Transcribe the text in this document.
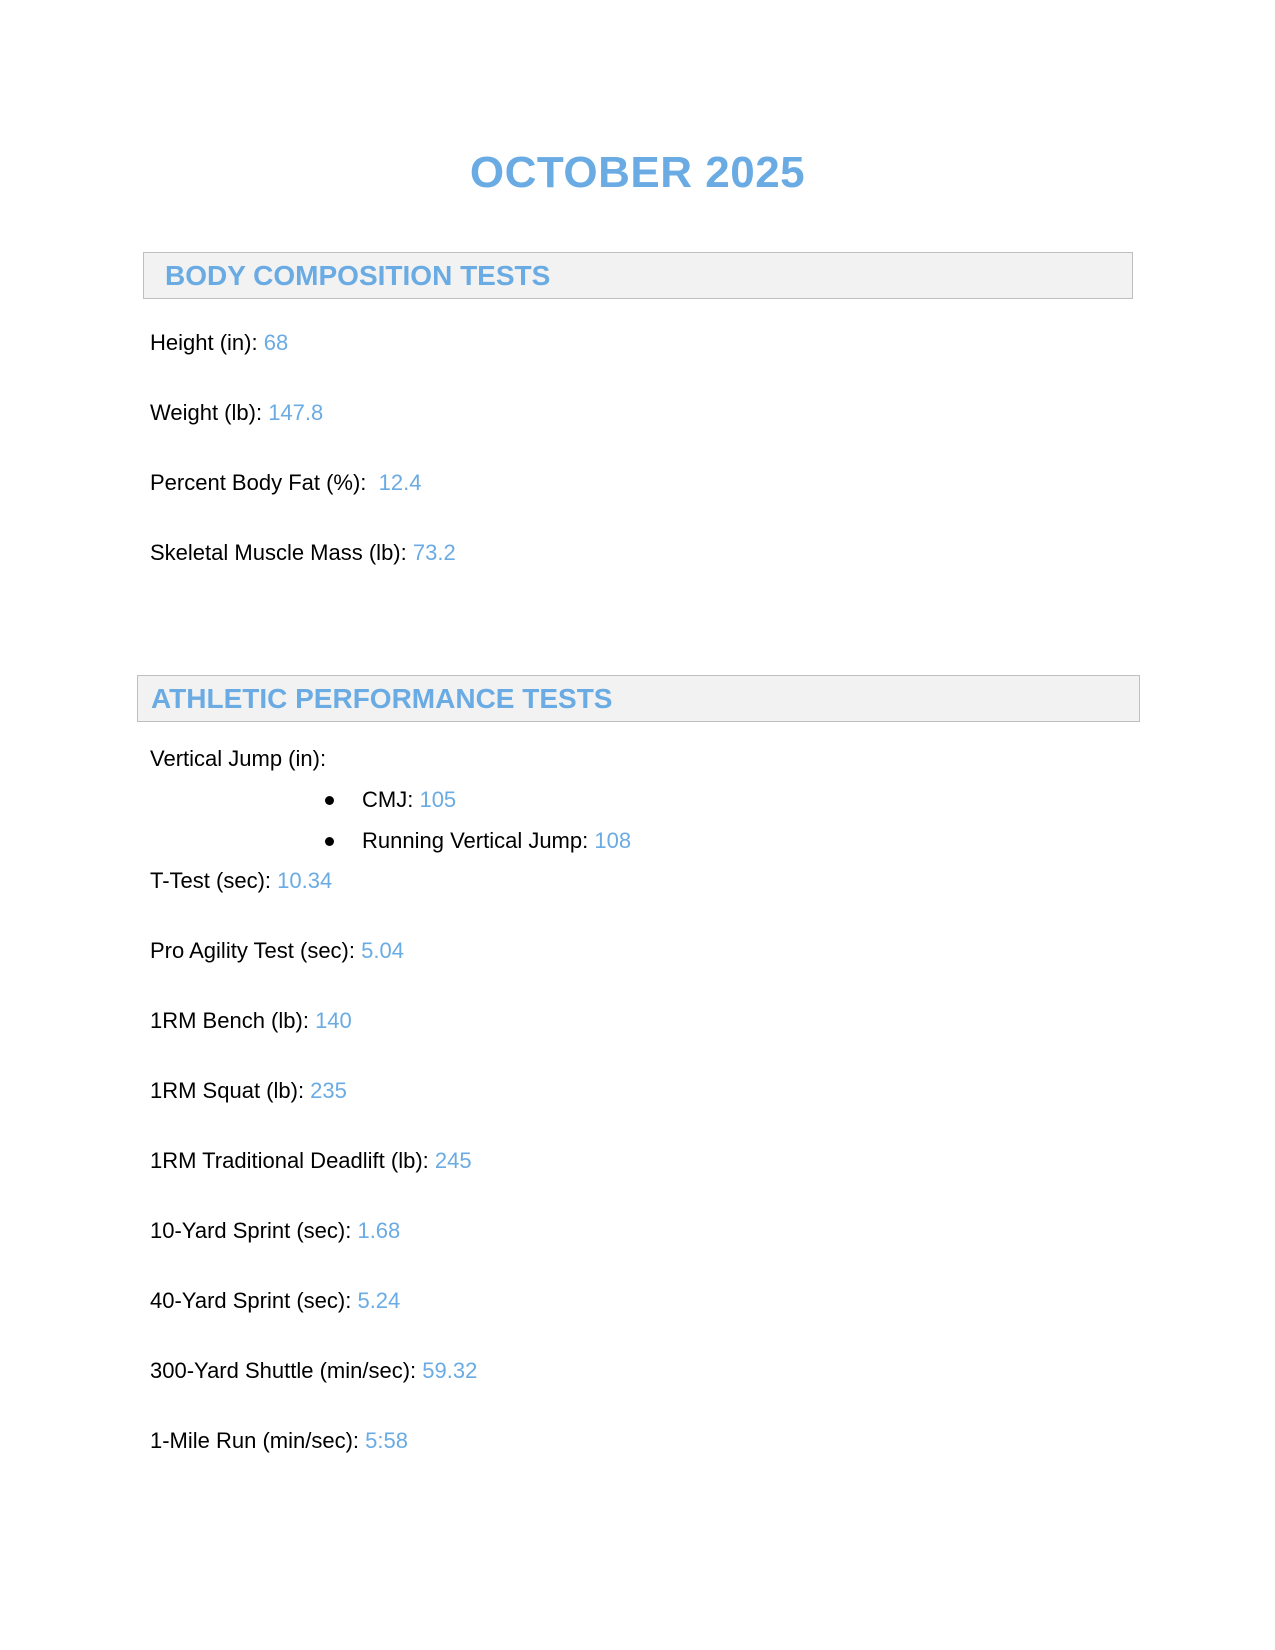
OCTOBER 2025
BODY COMPOSITION TESTS
Height (in): 68
Weight (lb): 147.8
Percent Body Fat (%):  12.4
Skeletal Muscle Mass (lb): 73.2
ATHLETIC PERFORMANCE TESTS
Vertical Jump (in):
CMJ: 105
Running Vertical Jump: 108
T-Test (sec): 10.34
Pro Agility Test (sec): 5.04
1RM Bench (lb): 140
1RM Squat (lb): 235
1RM Traditional Deadlift (lb): 245
10-Yard Sprint (sec): 1.68
40-Yard Sprint (sec): 5.24
300-Yard Shuttle (min/sec): 59.32
1-Mile Run (min/sec): 5:58
